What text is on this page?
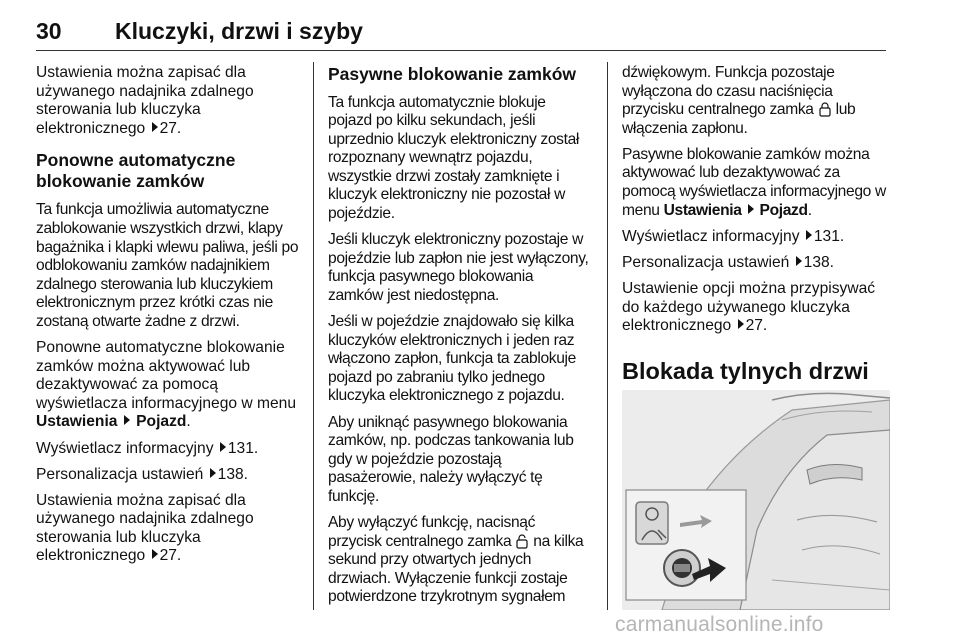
30 Kluczyki, drzwi i szyby

Ustawienia można zapisać dla używanego nadajnika zdalnego sterowania lub kluczyka elektronicznego 27.

Ponowne automatyczne blokowanie zamków

Ta funkcja umożliwia automatyczne zablokowanie wszystkich drzwi, klapy bagażnika i klapki wlewu paliwa, jeśli po odblokowaniu zamków nadajnikiem zdalnego sterowania lub kluczykiem elektronicznym przez krótki czas nie zostaną otwarte żadne z drzwi.

Ponowne automatyczne blokowanie zamków można aktywować lub dezaktywować za pomocą wyświetlacza informacyjnego w menu Ustawienia Pojazd.

Wyświetlacz informacyjny 131.

Personalizacja ustawień 138.

Ustawienia można zapisać dla używanego nadajnika zdalnego sterowania lub kluczyka elektronicznego 27.

Pasywne blokowanie zamków

Ta funkcja automatycznie blokuje pojazd po kilku sekundach, jeśli uprzednio kluczyk elektroniczny został rozpoznany wewnątrz pojazdu, wszystkie drzwi zostały zamknięte i kluczyk elektroniczny nie pozostał w pojeździe.

Jeśli kluczyk elektroniczny pozostaje w pojeździe lub zapłon nie jest wyłączony, funkcja pasywnego blokowania zamków jest niedostępna.

Jeśli w pojeździe znajdowało się kilka kluczyków elektronicznych i jeden raz włączono zapłon, funkcja ta zablokuje pojazd po zabraniu tylko jednego kluczyka elektronicznego z pojazdu.

Aby uniknąć pasywnego blokowania zamków, np. podczas tankowania lub gdy w pojeździe pozostają pasażerowie, należy wyłączyć tę funkcję.

Aby wyłączyć funkcję, nacisnąć przycisk centralnego zamka na kilka sekund przy otwartych jednych drzwiach. Wyłączenie funkcji zostaje potwierdzone trzykrotnym sygnałem

dźwiękowym. Funkcja pozostaje wyłączona do czasu naciśnięcia przycisku centralnego zamka lub włączenia zapłonu.

Pasywne blokowanie zamków można aktywować lub dezaktywować za pomocą wyświetlacza informacyjnego w menu Ustawienia Pojazd.

Wyświetlacz informacyjny 131.

Personalizacja ustawień 138.

Ustawienie opcji można przypisywać do każdego używanego kluczyka elektronicznego 27.

Blokada tylnych drzwi
carmanualsonline.info
